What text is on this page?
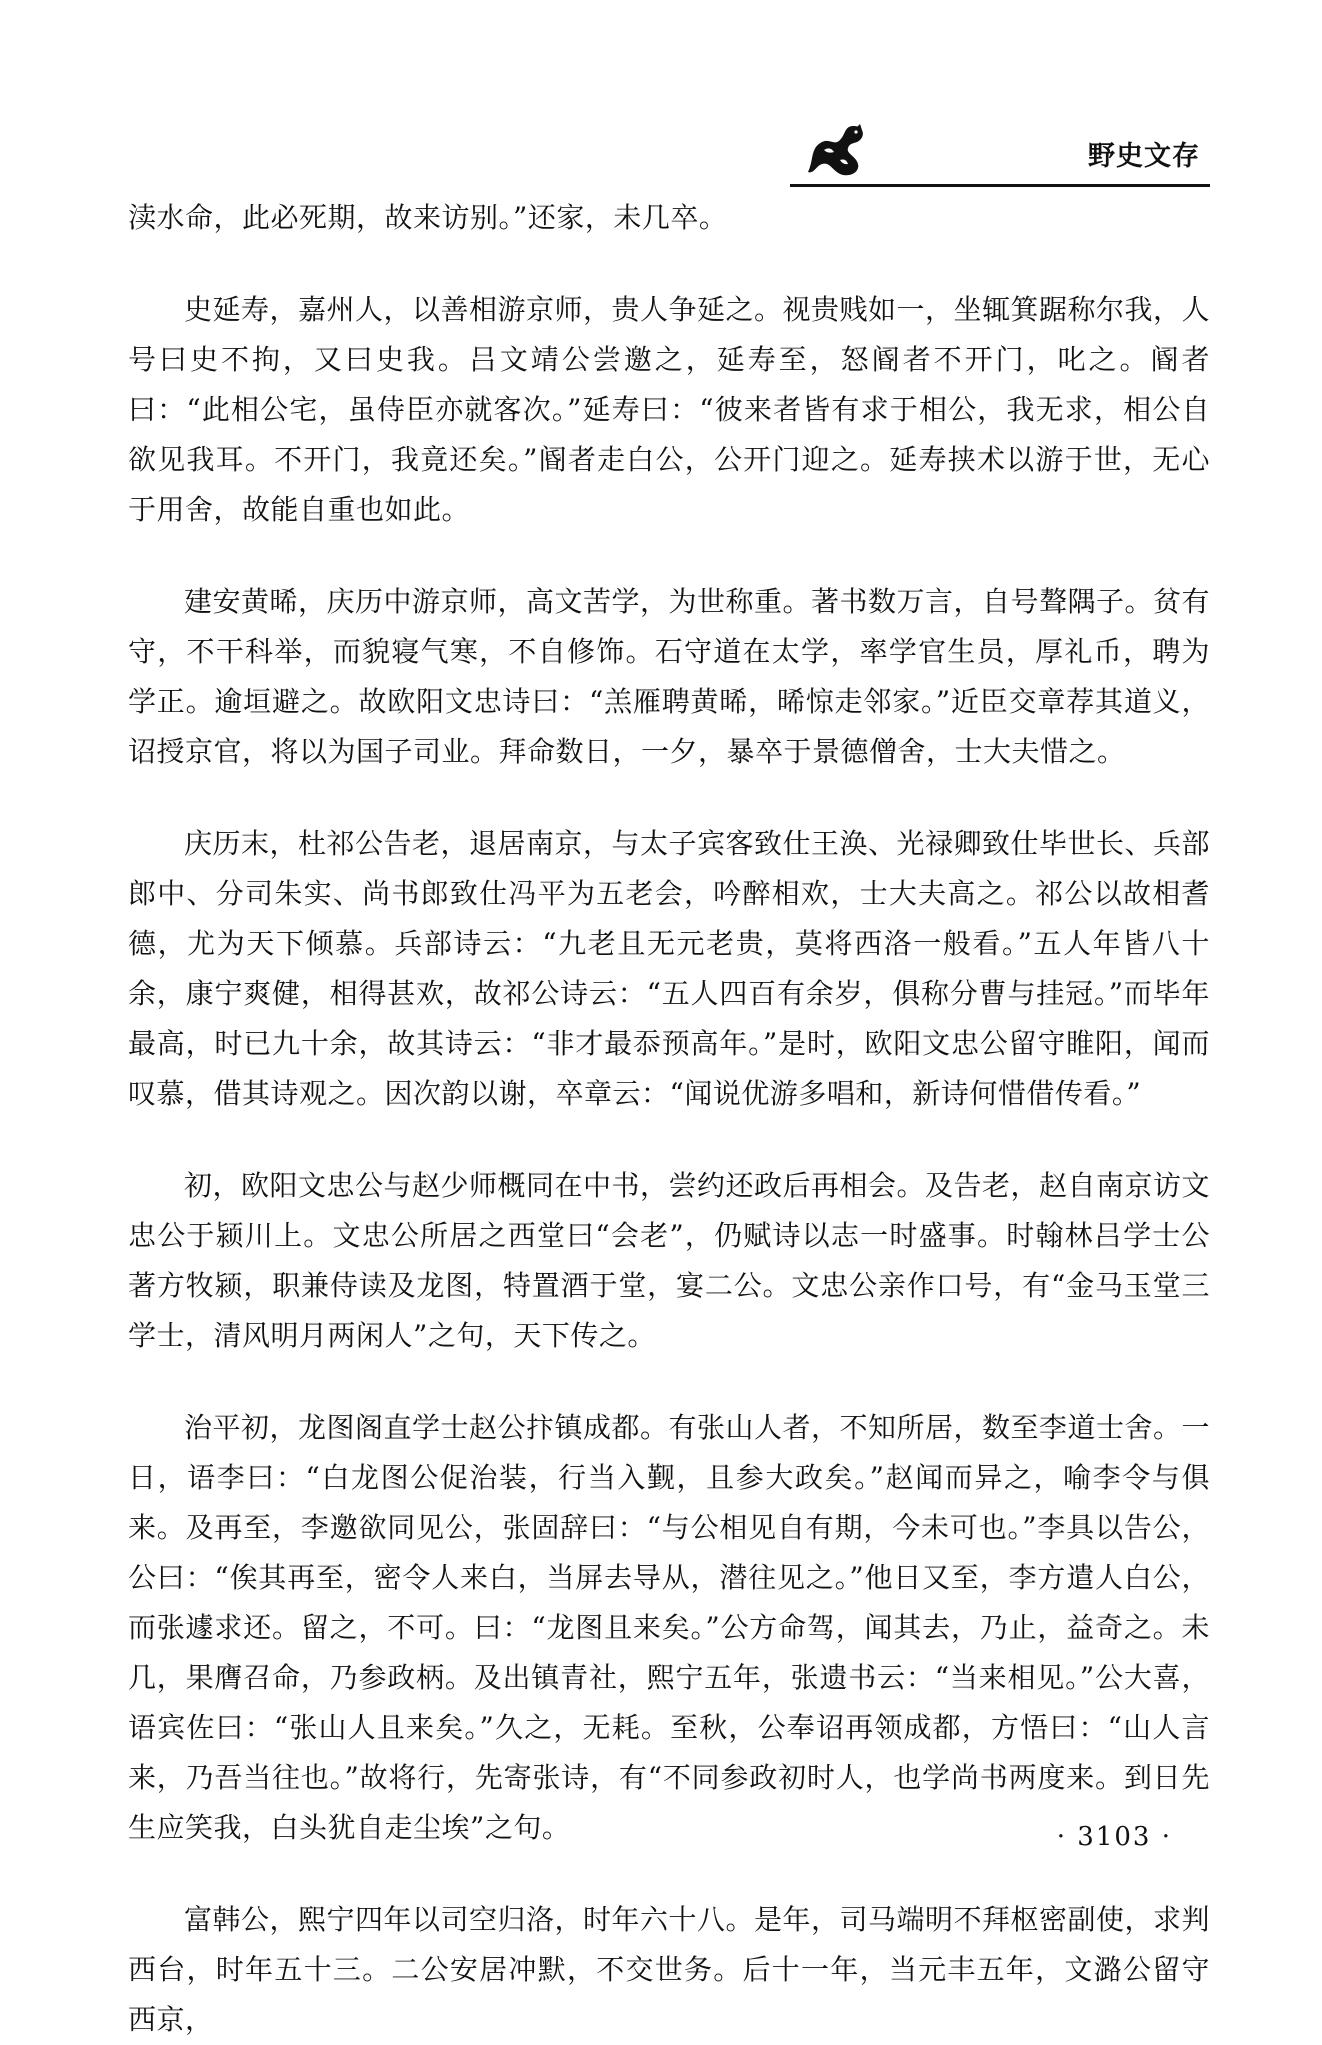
野史文存

渎水命，此必死期，故来访别。”还家，未几卒。

史延寿，嘉州人，以善相游京师，贵人争延之。视贵贱如一，坐辄箕踞称尔我，人号曰史不拘，又曰史我。吕文靖公尝邀之，延寿至，怒阍者不开门，叱之。阍者曰：“此相公宅，虽侍臣亦就客次。”延寿曰：“彼来者皆有求于相公，我无求，相公自欲见我耳。不开门，我竟还矣。”阍者走白公，公开门迎之。延寿挟术以游于世，无心于用舍，故能自重也如此。

建安黄晞，庆历中游京师，高文苦学，为世称重。著书数万言，自号聱隅子。贫有守，不干科举，而貌寝气寒，不自修饰。石守道在太学，率学官生员，厚礼币，聘为学正。逾垣避之。故欧阳文忠诗曰：“羔雁聘黄晞，晞惊走邻家。”近臣交章荐其道义，诏授京官，将以为国子司业。拜命数日，一夕，暴卒于景德僧舍，士大夫惜之。

庆历末，杜祁公告老，退居南京，与太子宾客致仕王涣、光禄卿致仕毕世长、兵部郎中、分司朱实、尚书郎致仕冯平为五老会，吟醉相欢，士大夫高之。祁公以故相耆德，尤为天下倾慕。兵部诗云：“九老且无元老贵，莫将西洛一般看。”五人年皆八十余，康宁爽健，相得甚欢，故祁公诗云：“五人四百有余岁，俱称分曹与挂冠。”而毕年最高，时已九十余，故其诗云：“非才最忝预高年。”是时，欧阳文忠公留守睢阳，闻而叹慕，借其诗观之。因次韵以谢，卒章云：“闻说优游多唱和，新诗何惜借传看。”

初，欧阳文忠公与赵少师概同在中书，尝约还政后再相会。及告老，赵自南京访文忠公于颍川上。文忠公所居之西堂曰“会老”，仍赋诗以志一时盛事。时翰林吕学士公著方牧颍，职兼侍读及龙图，特置酒于堂，宴二公。文忠公亲作口号，有“金马玉堂三学士，清风明月两闲人”之句，天下传之。

治平初，龙图阁直学士赵公抃镇成都。有张山人者，不知所居，数至李道士舍。一日，语李曰：“白龙图公促治装，行当入觐，且参大政矣。”赵闻而异之，喻李令与俱来。及再至，李邀欲同见公，张固辞曰：“与公相见自有期，今未可也。”李具以告公，公曰：“俟其再至，密令人来白，当屏去导从，潜往见之。”他日又至，李方遣人白公，而张遽求还。留之，不可。曰：“龙图且来矣。”公方命驾，闻其去，乃止，益奇之。未几，果膺召命，乃参政柄。及出镇青社，熙宁五年，张遗书云：“当来相见。”公大喜，语宾佐曰：“张山人且来矣。”久之，无耗。至秋，公奉诏再领成都，方悟曰：“山人言来，乃吾当往也。”故将行，先寄张诗，有“不同参政初时人，也学尚书两度来。到日先生应笑我，白头犹自走尘埃”之句。

富韩公，熙宁四年以司空归洛，时年六十八。是年，司马端明不拜枢密副使，求判西台，时年五十三。二公安居冲默，不交世务。后十一年，当元丰五年，文潞公留守西京，

· 3103 ·
